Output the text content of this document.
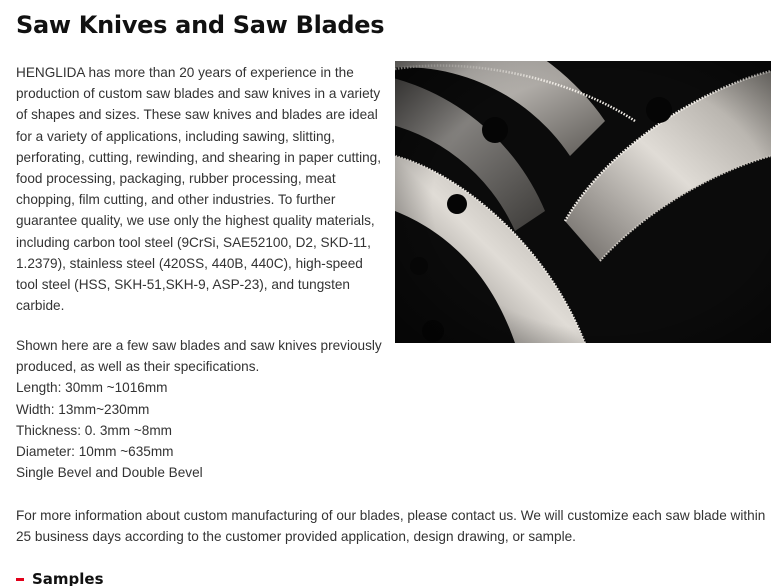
Saw Knives and Saw Blades

HENGLIDA has more than 20 years of experience in the production of custom saw blades and saw knives in a variety of shapes and sizes. These saw knives and blades are ideal for a variety of applications, including sawing, slitting, perforating, cutting, rewinding, and shearing in paper cutting, food processing, packaging, rubber processing, meat chopping, film cutting, and other industries. To further guarantee quality, we use only the highest quality materials, including carbon tool steel (9CrSi, SAE52100, D2, SKD-11, 1.2379), stainless steel (420SS, 440B, 440C), high-speed tool steel (HSS, SKH-51,SKH-9, ASP-23), and tungsten carbide.

Shown here are a few saw blades and saw knives previously produced, as well as their specifications.

Length: 30mm ~1016mm
Width: 13mm~230mm
Thickness: 0. 3mm ~8mm
Diameter: 10mm ~635mm
Single Bevel and Double Bevel

For more information about custom manufacturing of our blades, please contact us. We will customize each saw blade within 25 business days according to the customer provided application, design drawing, or sample.

Samples
